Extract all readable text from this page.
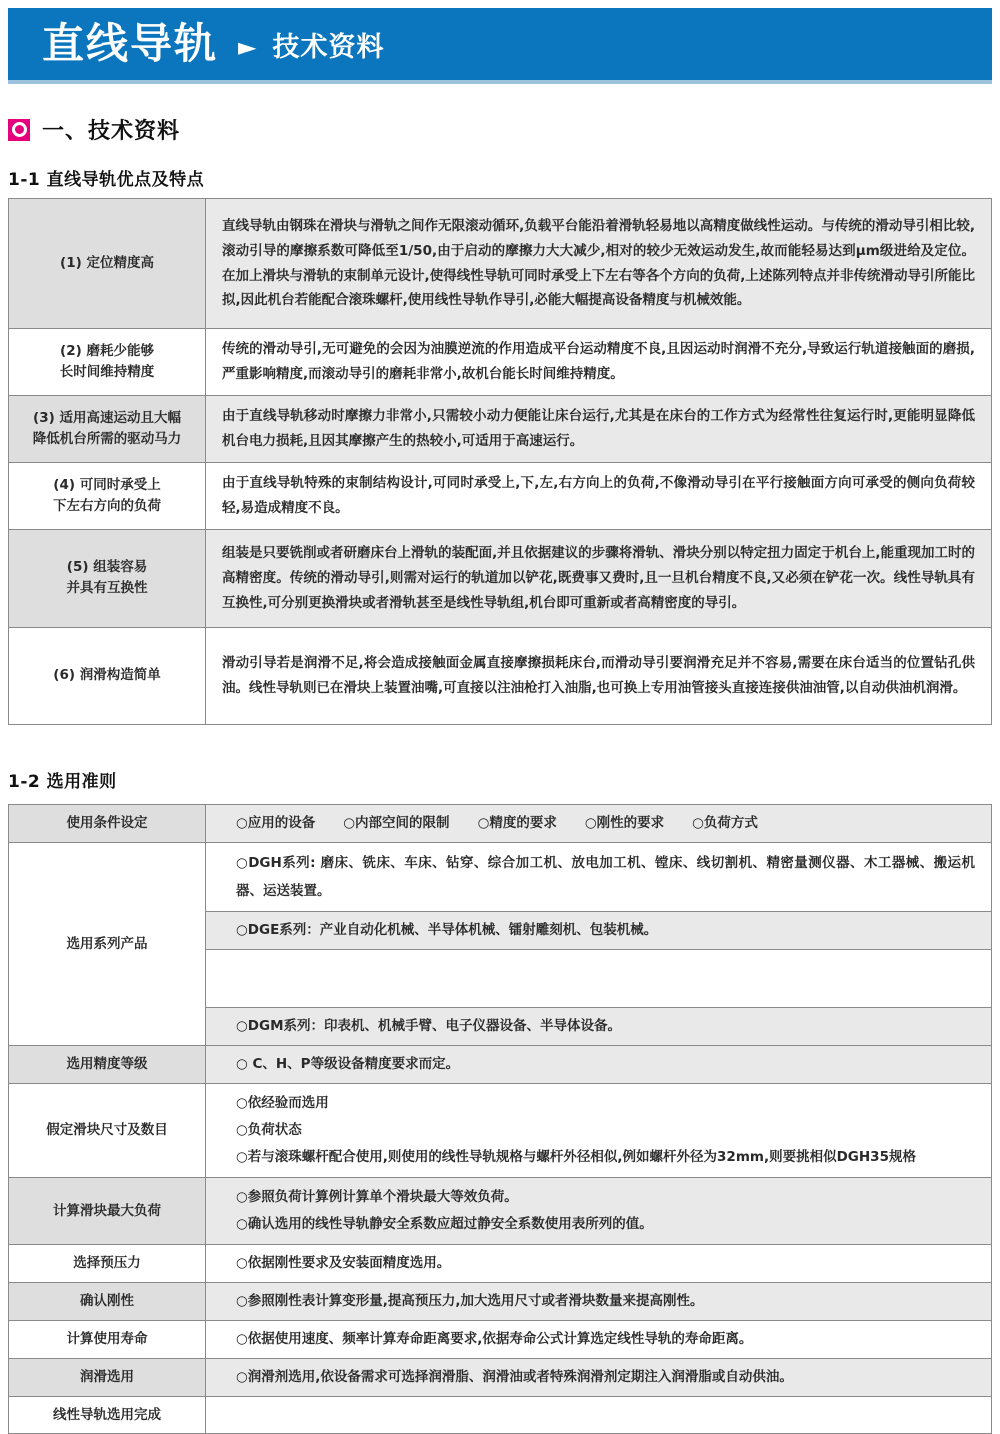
直线导轨 ► 技术资料
一、技术资料
1-1 直线导轨优点及特点
(1) 定位精度高	直线导轨由钢珠在滑块与滑轨之间作无限滚动循环,负载平台能沿着滑轨轻易地以高精度做线性运动。与传统的滑动导引相比较,滚动引导的摩擦系数可降低至1/50,由于启动的摩擦力大大减少,相对的较少无效运动发生,故而能轻易达到μm级进给及定位。在加上滑块与滑轨的束制单元设计,使得线性导轨可同时承受上下左右等各个方向的负荷,上述陈列特点并非传统滑动导引所能比拟,因此机台若能配合滚珠螺杆,使用线性导轨作导引,必能大幅提高设备精度与机械效能。

(2) 磨耗少能够
长时间维持精度	传统的滑动导引,无可避免的会因为油膜逆流的作用造成平台运动精度不良,且因运动时润滑不充分,导致运行轨道接触面的磨损,严重影响精度,而滚动导引的磨耗非常小,故机台能长时间维持精度。

(3) 适用高速运动且大幅
降低机台所需的驱动马力	由于直线导轨移动时摩擦力非常小,只需较小动力便能让床台运行,尤其是在床台的工作方式为经常性往复运行时,更能明显降低机台电力损耗,且因其摩擦产生的热较小,可适用于高速运行。

(4) 可同时承受上
下左右方向的负荷	由于直线导轨特殊的束制结构设计,可同时承受上,下,左,右方向上的负荷,不像滑动导引在平行接触面方向可承受的侧向负荷较轻,易造成精度不良。

(5) 组装容易
并具有互换性	组装是只要铣削或者研磨床台上滑轨的装配面,并且依据建议的步骤将滑轨、滑块分别以特定扭力固定于机台上,能重现加工时的高精密度。传统的滑动导引,则需对运行的轨道加以铲花,既费事又费时,且一旦机台精度不良,又必须在铲花一次。线性导轨具有互换性,可分别更换滑块或者滑轨甚至是线性导轨组,机台即可重新或者高精密度的导引。

(6) 润滑构造简单	滑动引导若是润滑不足,将会造成接触面金属直接摩擦损耗床台,而滑动导引要润滑充足并不容易,需要在床台适当的位置钻孔供油。线性导轨则已在滑块上装置油嘴,可直接以注油枪打入油脂,也可换上专用油管接头直接连接供油油管,以自动供油机润滑。
1-2 选用准则
使用条件设定	○应用的设备 ○内部空间的限制 ○精度的要求 ○刚性的要求 ○负荷方式

选用系列产品	○DGH系列: 磨床、铣床、车床、钻穿、综合加工机、放电加工机、镗床、线切割机、精密量测仪器、木工器械、搬运机器、运送装置。
	○DGE系列：产业自动化机械、半导体机械、镭射雕刻机、包装机械。

	○DGM系列：印表机、机械手臂、电子仪器设备、半导体设备。
选用精度等级	○ C、H、P等级设备精度要求而定。
假定滑块尺寸及数目	○依经验而选用
○负荷状态
○若与滚珠螺杆配合使用,则使用的线性导轨规格与螺杆外径相似,例如螺杆外径为32mm,则要挑相似DGH35规格

计算滑块最大负荷	○参照负荷计算例计算单个滑块最大等效负荷。
○确认选用的线性导轨静安全系数应超过静安全系数使用表所列的值。

选择预压力	○依据刚性要求及安装面精度选用。
确认刚性	○参照刚性表计算变形量,提高预压力,加大选用尺寸或者滑块数量来提高刚性。
计算使用寿命	○依据使用速度、频率计算寿命距离要求,依据寿命公式计算选定线性导轨的寿命距离。
润滑选用	○润滑剂选用,依设备需求可选择润滑脂、润滑油或者特殊润滑剂定期注入润滑脂或自动供油。
线性导轨选用完成	
